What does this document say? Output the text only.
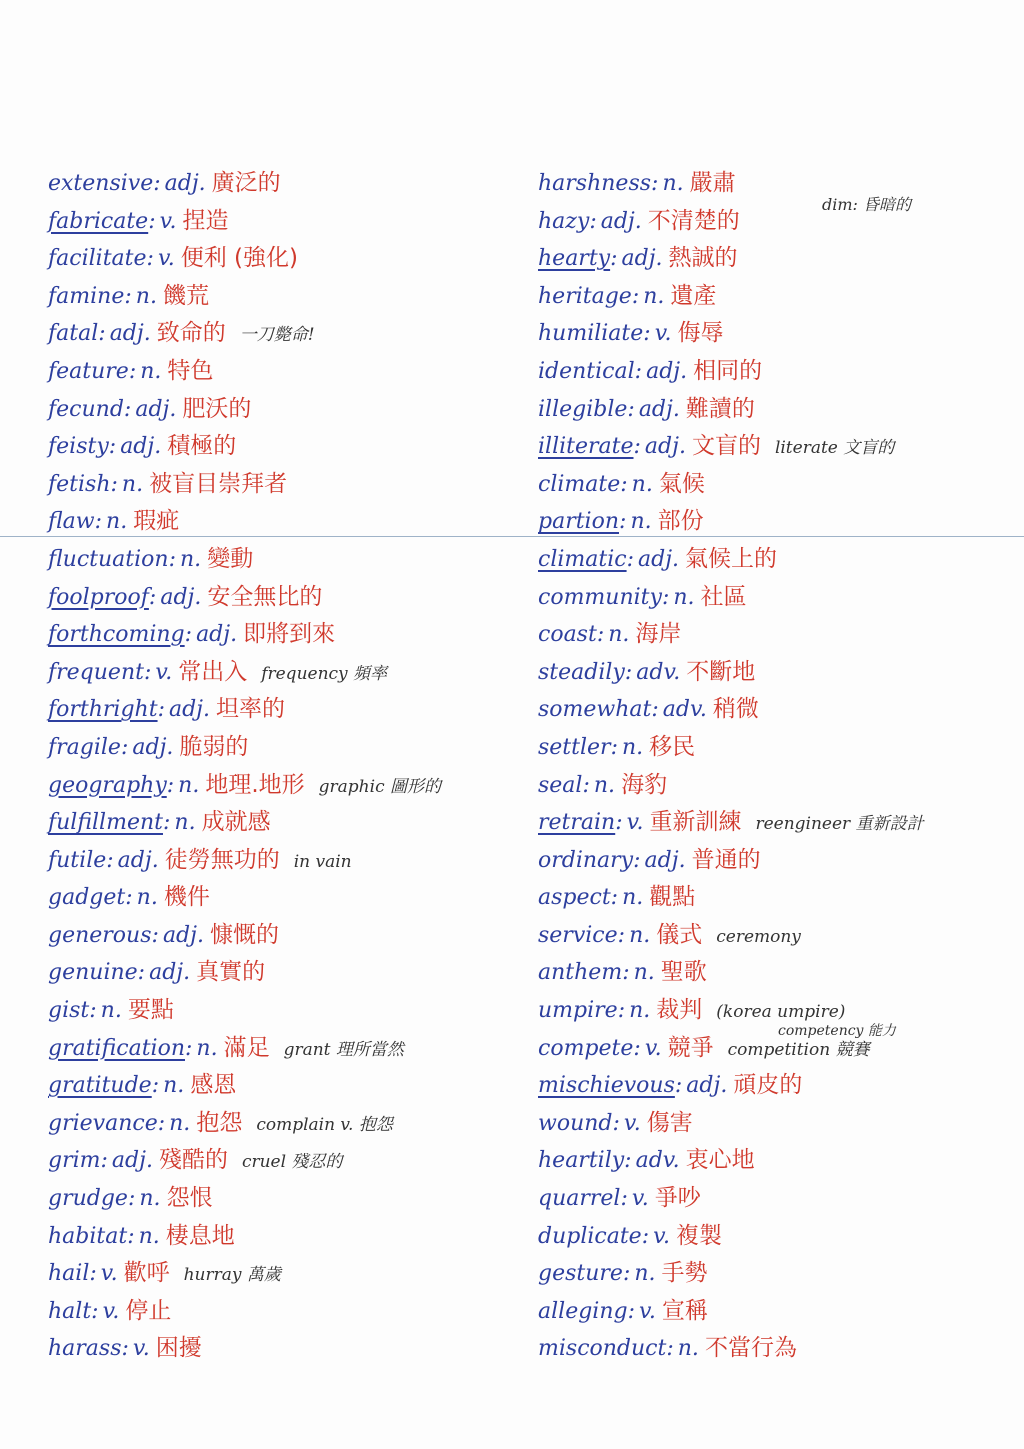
extensive: adj. 廣泛的
fabricate: v. 捏造
facilitate: v. 便利 (強化)
famine: n. 饑荒
fatal: adj. 致命的 一刀斃命!
feature: n. 特色
fecund: adj. 肥沃的
feisty: adj. 積極的
fetish: n. 被盲目崇拜者
flaw: n. 瑕疵
fluctuation: n. 變動
foolproof: adj. 安全無比的
forthcoming: adj. 即將到來
frequent: v. 常出入 frequency 頻率
forthright: adj. 坦率的
fragile: adj. 脆弱的
geography: n. 地理.地形 graphic 圖形的
fulfillment: n. 成就感
futile: adj. 徒勞無功的 in vain
gadget: n. 機件
generous: adj. 慷慨的
genuine: adj. 真實的
gist: n. 要點
gratification: n. 滿足 grant 理所當然
gratitude: n. 感恩
grievance: n. 抱怨 complain v. 抱怨
grim: adj. 殘酷的 cruel 殘忍的
grudge: n. 怨恨
habitat: n. 棲息地
hail: v. 歡呼 hurray 萬歲
halt: v. 停止
harass: v. 困擾
harshness: n. 嚴肅
hazy: adj. 不清楚的
hearty: adj. 熱誠的
heritage: n. 遺產
humiliate: v. 侮辱
identical: adj. 相同的
illegible: adj. 難讀的
illiterate: adj. 文盲的 literate 文盲的
climate: n. 氣候
partion: n. 部份
climatic: adj. 氣候上的
community: n. 社區
coast: n. 海岸
steadily: adv. 不斷地
somewhat: adv. 稍微
settler: n. 移民
seal: n. 海豹
retrain: v. 重新訓練 reengineer 重新設計
ordinary: adj. 普通的
aspect: n. 觀點
service: n. 儀式 ceremony
anthem: n. 聖歌
umpire: n. 裁判 (korea umpire)
compete: v. 競爭 competition 競賽
mischievous: adj. 頑皮的
wound: v. 傷害
heartily: adv. 衷心地
quarrel: v. 爭吵
duplicate: v. 複製
gesture: n. 手勢
alleging: v. 宣稱
misconduct: n. 不當行為
dim: 昏暗的
competency 能力
